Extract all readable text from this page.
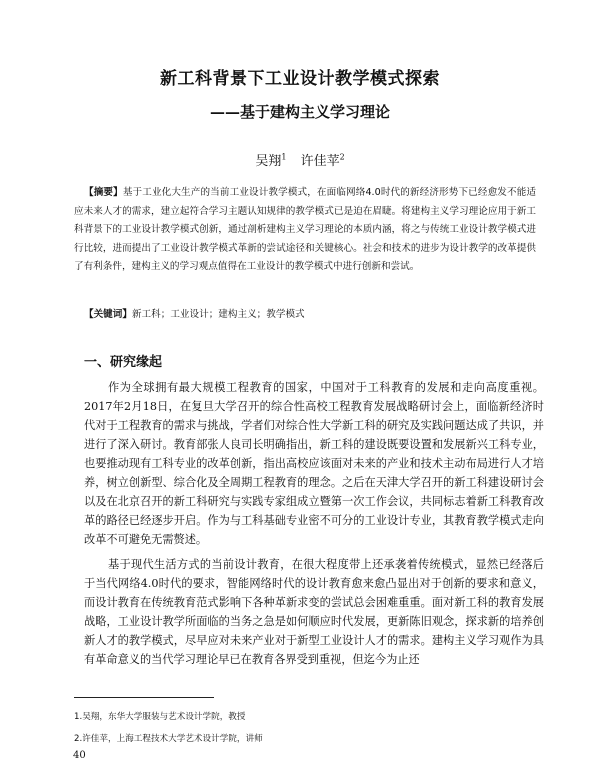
新工科背景下工业设计教学模式探索
——基于建构主义学习理论
吴翔$^1$ 许佳苹$^2$
【摘要】基于工业化大生产的当前工业设计教学模式，在面临网络4.0时代的新经济形势下已经愈发不能适应未来人才的需求，建立起符合学习主题认知规律的教学模式已是迫在眉睫。将建构主义学习理论应用于新工科背景下的工业设计教学模式创新，通过剖析建构主义学习理论的本质内涵，将之与传统工业设计教学模式进行比较，进而提出了工业设计教学模式革新的尝试途径和关键核心。社会和技术的进步为设计教学的改革提供了有利条件，建构主义的学习观点值得在工业设计的教学模式中进行创新和尝试。
【关键词】新工科；工业设计；建构主义；教学模式
一、研究缘起
作为全球拥有最大规模工程教育的国家，中国对于工科教育的发展和走向高度重视。2017年2月18日，在复旦大学召开的综合性高校工程教育发展战略研讨会上，面临新经济时代对于工程教育的需求与挑战，学者们对综合性大学新工科的研究及实践问题达成了共识，并进行了深入研讨。教育部张人良司长明确指出，新工科的建设既要设置和发展新兴工科专业，也要推动现有工科专业的改革创新，指出高校应该面对未来的产业和技术主动布局进行人才培养，树立创新型、综合化及全周期工程教育的理念。之后在天津大学召开的新工科建设研讨会以及在北京召开的新工科研究与实践专家组成立暨第一次工作会议，共同标志着新工科教育改革的路径已经逐步开启。作为与工科基础专业密不可分的工业设计专业，其教育教学模式走向改革不可避免无需赘述。
基于现代生活方式的当前设计教育，在很大程度带上还承袭着传统模式，显然已经落后于当代网络4.0时代的要求，智能网络时代的设计教育愈来愈凸显出对于创新的要求和意义，而设计教育在传统教育范式影响下各种革新求变的尝试总会困难重重。面对新工科的教育发展战略，工业设计教学所面临的当务之急是如何顺应时代发展，更新陈旧观念，探求新的培养创新人才的教学模式，尽早应对未来产业对于新型工业设计人才的需求。建构主义学习观作为具有革命意义的当代学习理论早已在教育各界受到重视，但迄今为止还
1.吴翔，东华大学服装与艺术设计学院，教授
2.许佳苹，上海工程技术大学艺术设计学院，讲师
40
